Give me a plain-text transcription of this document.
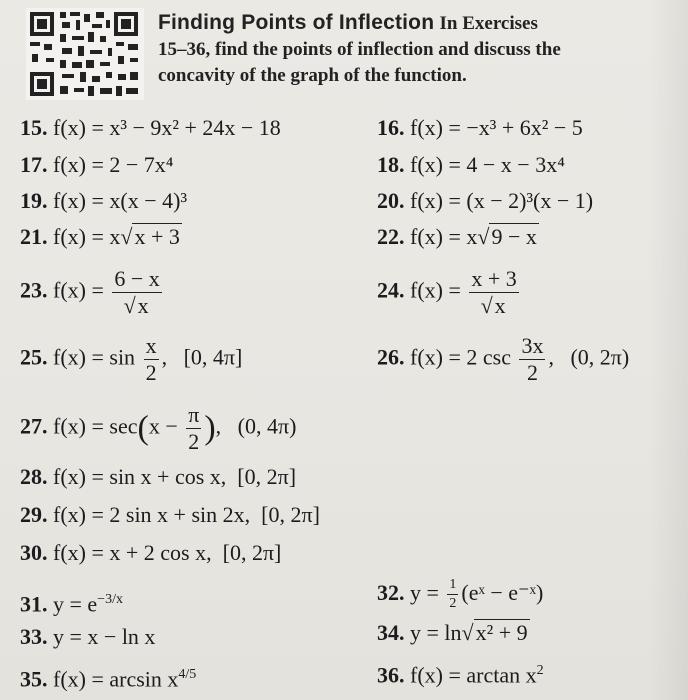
Finding Points of Inflection In Exercises
15–36, find the points of inflection and discuss the
concavity of the graph of the function.
15. f(x) = x³ − 9x² + 24x − 18	16. f(x) = −x³ + 6x² − 5
17. f(x) = 2 − 7x⁴	18. f(x) = 4 − x − 3x⁴
19. f(x) = x(x − 4)³	20. f(x) = (x − 2)³(x − 1)
21. f(x) = x√x + 3	22. f(x) = x√9 − x
23. $f(x) = \frac{6 - x}{√x}$	24. $f(x) = \frac{x + 3}{√x}$
25. $f(x) = \sin \frac{x}{2}$ ,   [0, 4π]	26. f(x) = 2 $\csc \frac{3x}{2}$ ,   (0, 2π)
27. $f(x) = \sec(x - \frac{\pi}{2}$ ),   (0, 4π)
28. f(x) = sin x + cos x, [0, 2π]
29. f(x) = 2 sin x + sin 2x, [0, 2π]
30. f(x) = x + 2 cos x, [0, 2π]
31. $y = e^{-3/x}$	32. $y = \frac{1}{2}$ (eˣ − e⁻ˣ)
33. y = x − ln x	34. y = ln√x² + 9
35. $f(x) = \arcsin x^{4/5}$	36. $f(x) = \arctan x^2$
